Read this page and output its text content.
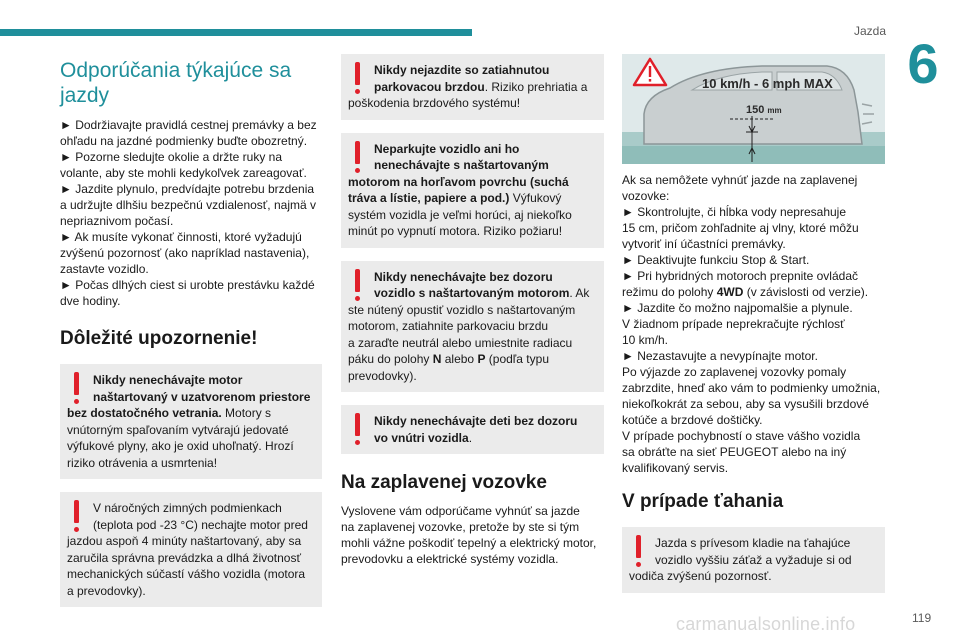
Jazda
6
Odporúčania týkajúce sa
jazdy
► Dodržiavajte pravidlá cestnej premávky a bez
ohľadu na jazdné podmienky buďte obozretný.
► Pozorne sledujte okolie a držte ruky na
volante, aby ste mohli kedykoľvek zareagovať.
► Jazdite plynulo, predvídajte potrebu brzdenia
a udržujte dlhšiu bezpečnú vzdialenosť, najmä v
nepriaznivom počasí.
► Ak musíte vykonať činnosti, ktoré vyžadujú
zvýšenú pozornosť (ako napríklad nastavenia),
zastavte vozidlo.
► Počas dlhých ciest si urobte prestávku každé
dve hodiny.
Dôležité upozornenie!
Nikdy nenechávajte motor
naštartovaný v uzatvorenom priestore
bez dostatočného vetrania. Motory s
vnútorným spaľovaním vytvárajú jedovaté
výfukové plyny, ako je oxid uhoľnatý. Hrozí
riziko otrávenia a usmrtenia!
V náročných zimných podmienkach
(teplota pod -23 °C) nechajte motor pred
jazdou aspoň 4 minúty naštartovaný, aby sa
zaručila správna prevádzka a dlhá životnosť
mechanických súčastí vášho vozidla (motora
a prevodovky).
Nikdy nejazdite so zatiahnutou
parkovacou brzdou. Riziko prehriatia a
poškodenia brzdového systému!
Neparkujte vozidlo ani ho
nenechávajte s naštartovaným
motorom na horľavom povrchu (suchá
tráva a lístie, papiere a pod.) Výfukový
systém vozidla je veľmi horúci, aj niekoľko
minút po vypnutí motora. Riziko požiaru!
Nikdy nenechávajte bez dozoru
vozidlo s naštartovaným motorom. Ak
ste nútený opustiť vozidlo s naštartovaným
motorom, zatiahnite parkovaciu brzdu
a zaraďte neutrál alebo umiestnite radiacu
páku do polohy N alebo P (podľa typu
prevodovky).
Nikdy nenechávajte deti bez dozoru
vo vnútri vozidla.
Na zaplavenej vozovke
Vyslovene vám odporúčame vyhnúť sa jazde
na zaplavenej vozovke, pretože by ste si tým
mohli vážne poškodiť tepelný a elektrický motor,
prevodovku a elektrické systémy vozidla.
10 km/h - 6 mph MAX
150 mm
Ak sa nemôžete vyhnúť jazde na zaplavenej
vozovke:
► Skontrolujte, či hĺbka vody nepresahuje
15 cm, pričom zohľadnite aj vlny, ktoré môžu
vytvoriť iní účastníci premávky.
► Deaktivujte funkciu Stop & Start.
► Pri hybridných motoroch prepnite ovládač
režimu do polohy 4WD (v závislosti od verzie).
► Jazdite čo možno najpomalšie a plynule.
V žiadnom prípade neprekračujte rýchlosť
10 km/h.
► Nezastavujte a nevypínajte motor.
Po výjazde zo zaplavenej vozovky pomaly
zabrzdite, hneď ako vám to podmienky umožnia,
niekoľkokrát za sebou, aby sa vysušili brzdové
kotúče a brzdové doštičky.
V prípade pochybností o stave vášho vozidla
sa obráťte na sieť PEUGEOT alebo na iný
kvalifikovaný servis.
V prípade ťahania
Jazda s prívesom kladie na ťahajúce
vozidlo vyššiu záťaž a vyžaduje si od
vodiča zvýšenú pozornosť.
carmanualsonline.info	119
